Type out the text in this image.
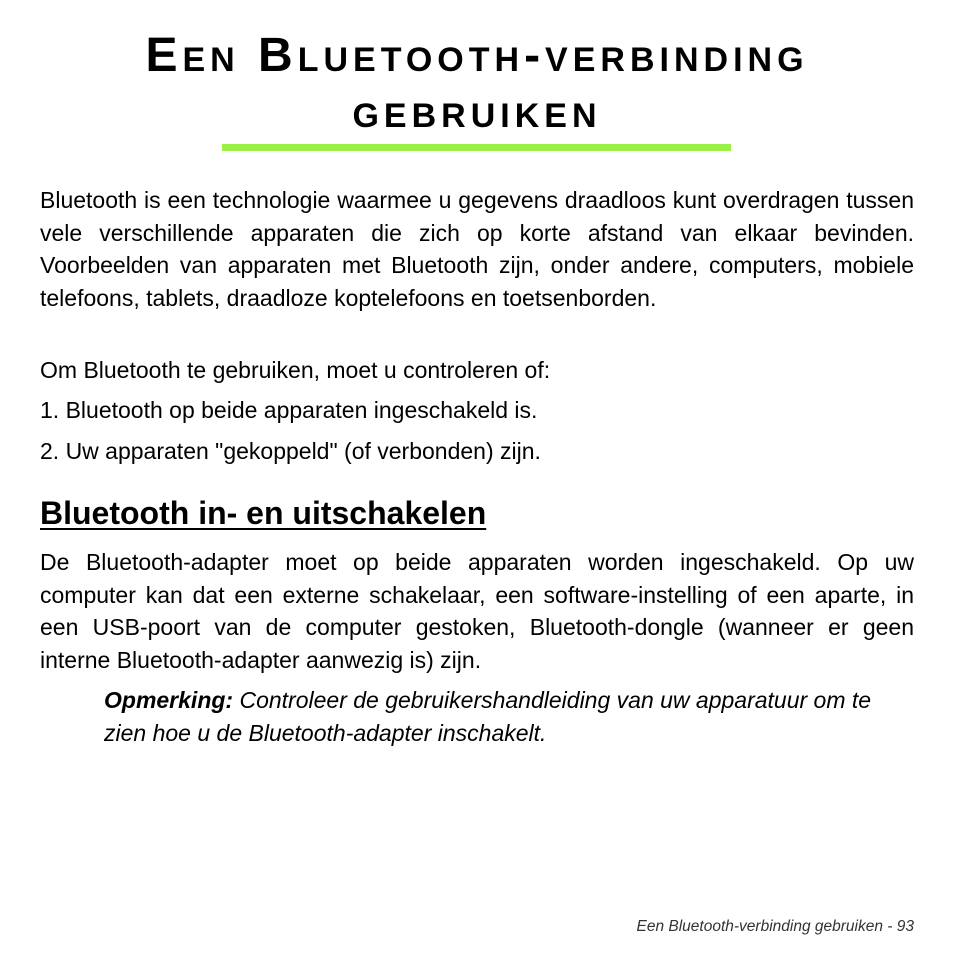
Een Bluetooth-verbinding gebruiken

Bluetooth is een technologie waarmee u gegevens draadloos kunt overdragen tussen vele verschillende apparaten die zich op korte afstand van elkaar bevinden. Voorbeelden van apparaten met Bluetooth zijn, onder andere, computers, mobiele telefoons, tablets, draadloze koptelefoons en toetsenborden.

Om Bluetooth te gebruiken, moet u controleren of:

1. Bluetooth op beide apparaten ingeschakeld is.

2. Uw apparaten "gekoppeld" (of verbonden) zijn.

Bluetooth in- en uitschakelen

De Bluetooth-adapter moet op beide apparaten worden ingeschakeld. Op uw computer kan dat een externe schakelaar, een software-instelling of een aparte, in een USB-poort van de computer gestoken, Bluetooth-dongle (wanneer er geen interne Bluetooth-adapter aanwezig is) zijn.

Opmerking: Controleer de gebruikershandleiding van uw apparatuur om te zien hoe u de Bluetooth-adapter inschakelt.

Een Bluetooth-verbinding gebruiken - 93
